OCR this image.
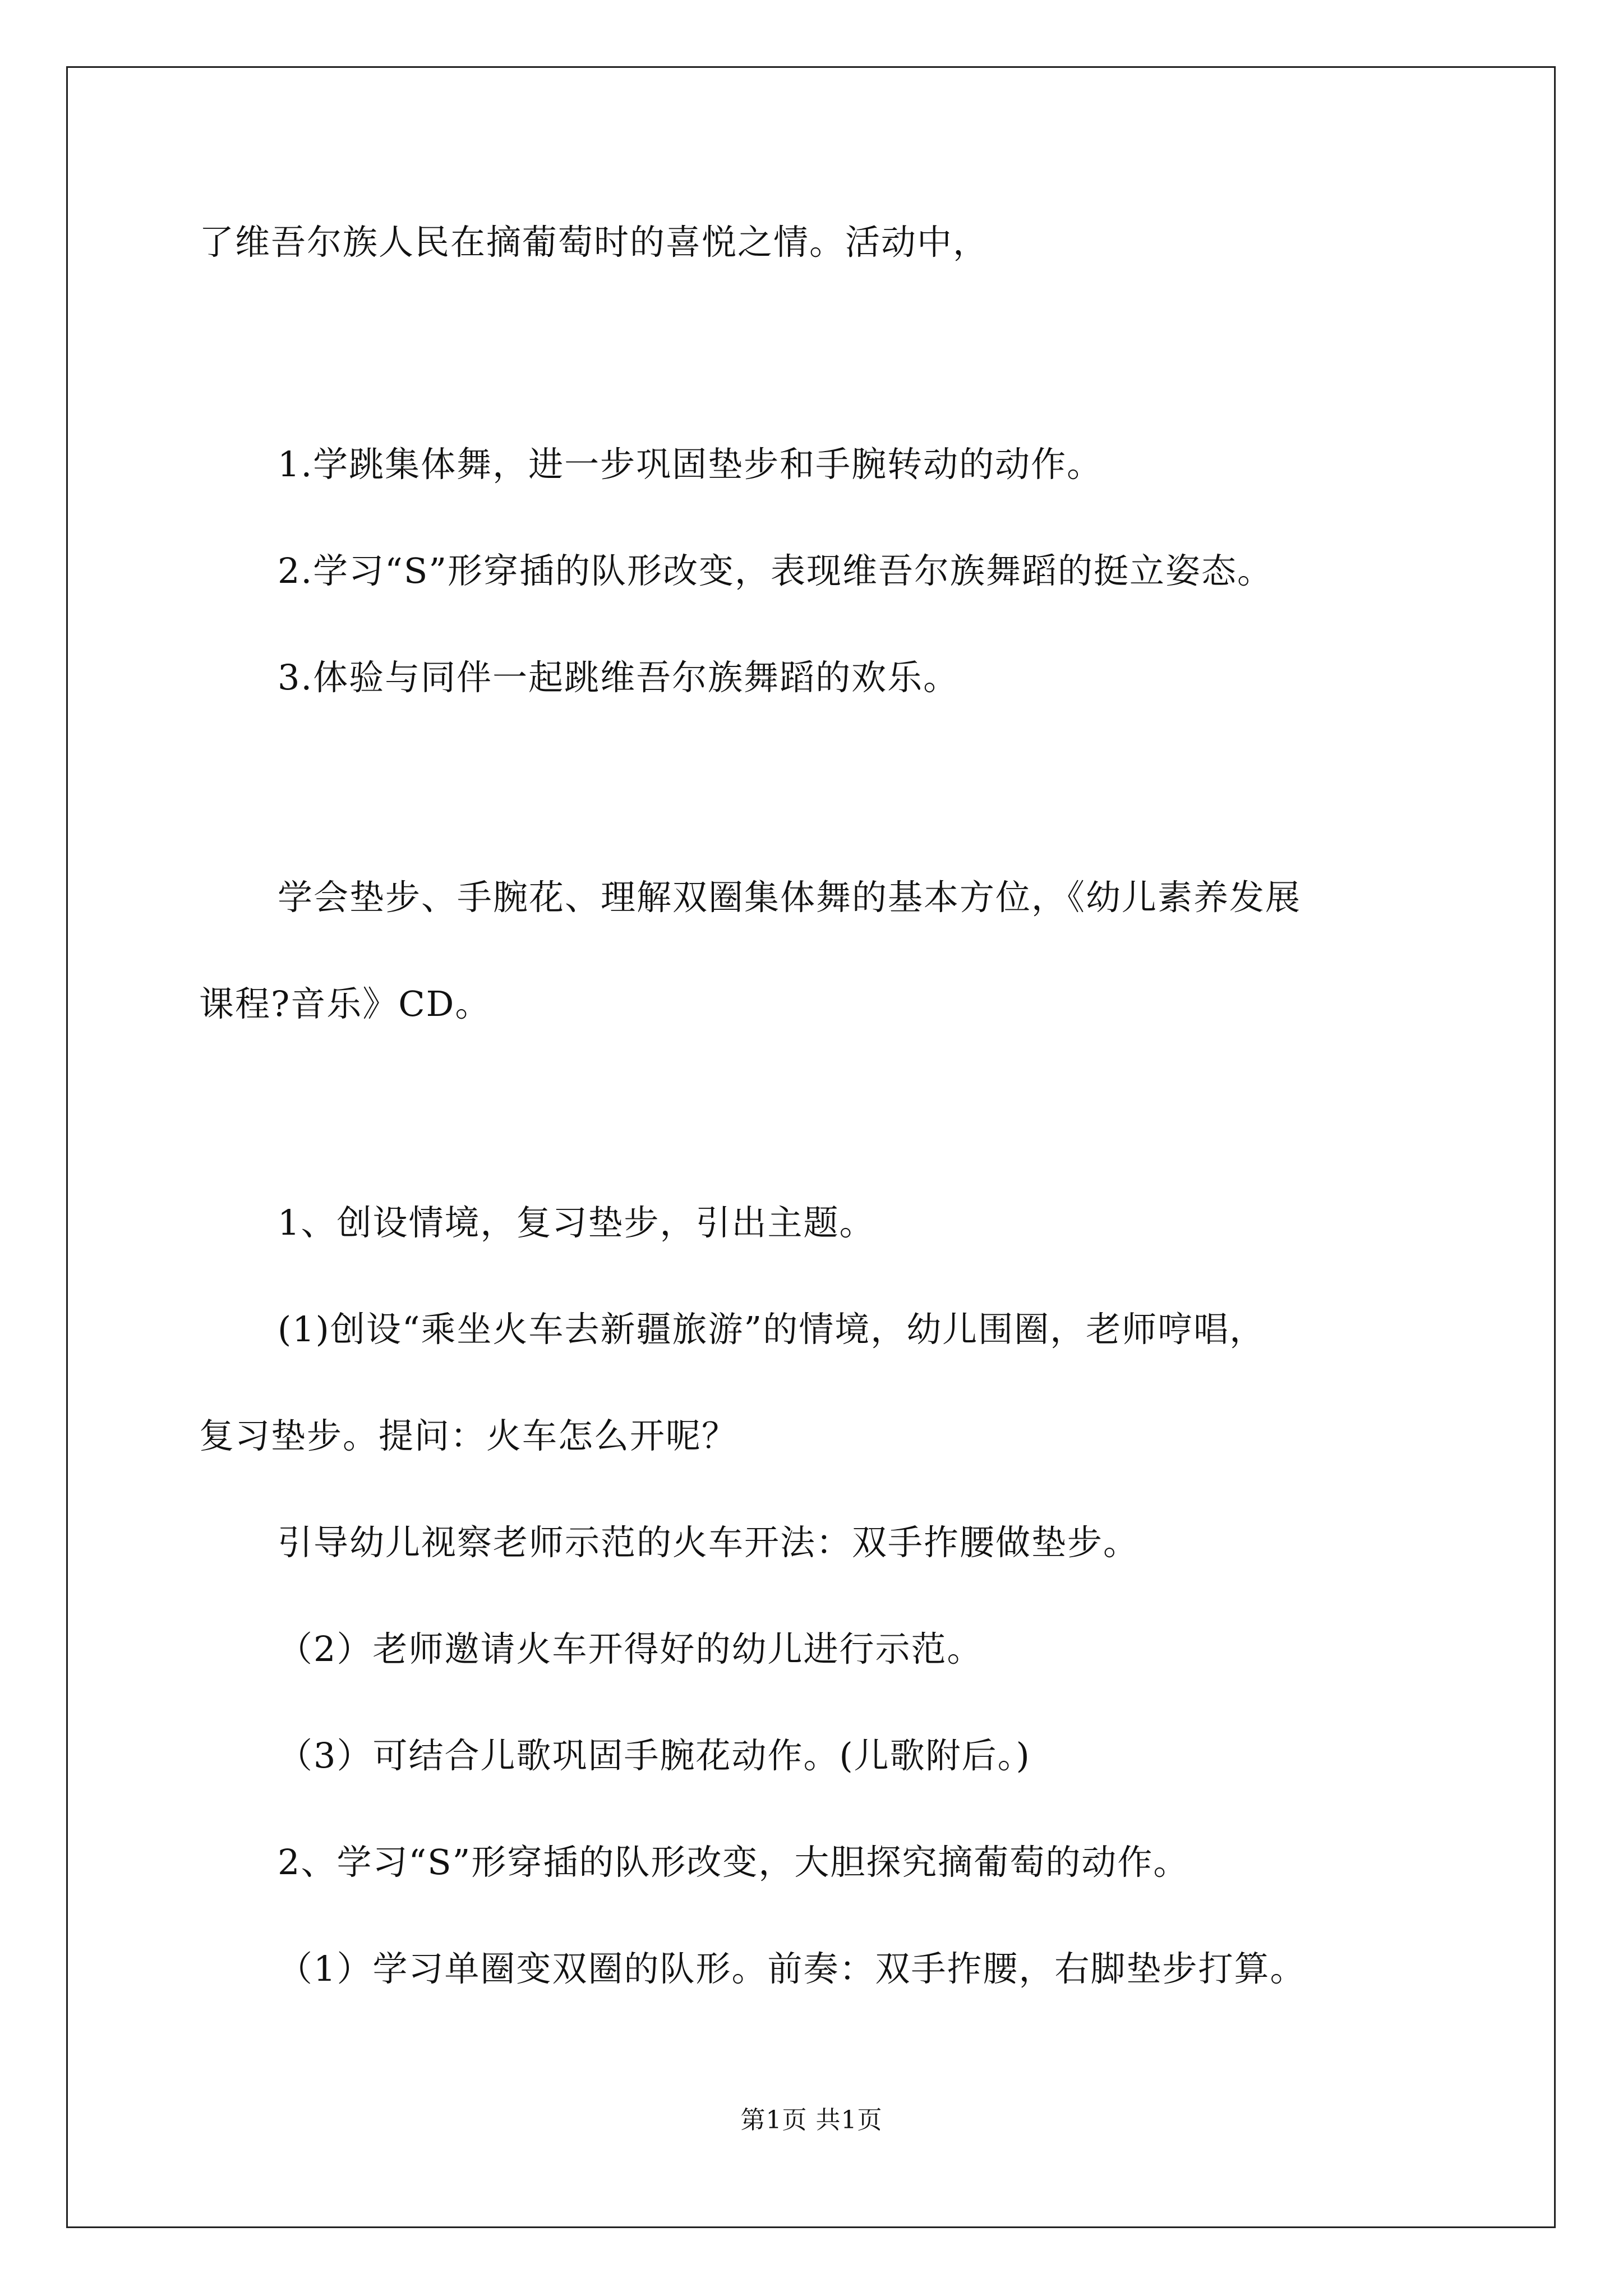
了维吾尔族人民在摘葡萄时的喜悦之情。活动中，
1.学跳集体舞，进一步巩固垫步和手腕转动的动作。
2.学习“S”形穿插的队形改变，表现维吾尔族舞蹈的挺立姿态。
3.体验与同伴一起跳维吾尔族舞蹈的欢乐。
学会垫步、手腕花、理解双圈集体舞的基本方位，《幼儿素养发展
课程?音乐》CD。
1、创设情境，复习垫步，引出主题。
(1)创设“乘坐火车去新疆旅游”的情境，幼儿围圈，老师哼唱，
复习垫步。提问：火车怎么开呢？
引导幼儿视察老师示范的火车开法：双手拃腰做垫步。
（2）老师邀请火车开得好的幼儿进行示范。
（3）可结合儿歌巩固手腕花动作。(儿歌附后。)
2、学习“S”形穿插的队形改变，大胆探究摘葡萄的动作。
（1）学习单圈变双圈的队形。前奏：双手拃腰，右脚垫步打算。
第1页 共1页
